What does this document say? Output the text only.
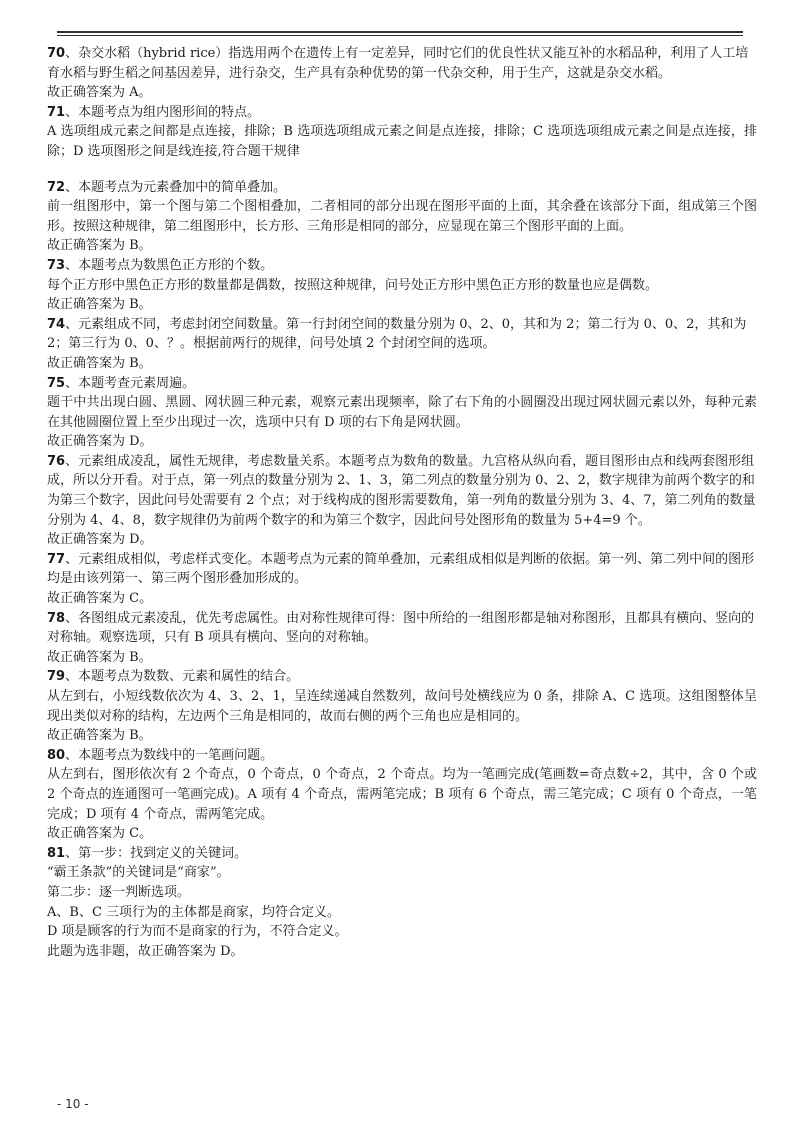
70、杂交水稻（hybrid rice）指选用两个在遗传上有一定差异，同时它们的优良性状又能互补的水稻品种，利用了人工培育水稻与野生稻之间基因差异，进行杂交，生产具有杂种优势的第一代杂交种，用于生产，这就是杂交水稻。

故正确答案为 A。

71、本题考点为组内图形间的特点。

A 选项组成元素之间都是点连接，排除；B 选项选项组成元素之间是点连接，排除；C 选项选项组成元素之间是点连接，排除；D 选项图形之间是线连接,符合题干规律

72、本题考点为元素叠加中的简单叠加。

前一组图形中，第一个图与第二个图相叠加，二者相同的部分出现在图形平面的上面，其余叠在该部分下面，组成第三个图形。按照这种规律，第二组图形中，长方形、三角形是相同的部分，应显现在第三个图形平面的上面。

故正确答案为 B。

73、本题考点为数黑色正方形的个数。

每个正方形中黑色正方形的数量都是偶数，按照这种规律，问号处正方形中黑色正方形的数量也应是偶数。

故正确答案为 B。

74、元素组成不同，考虑封闭空间数量。第一行封闭空间的数量分别为 0、2、0，其和为 2；第二行为 0、0、2，其和为 2；第三行为 0、0、？。根据前两行的规律，问号处填 2 个封闭空间的选项。

故正确答案为 B。

75、本题考查元素周遍。

题干中共出现白圆、黑圆、网状圆三种元素，观察元素出现频率，除了右下角的小圆圈没出现过网状圆元素以外，每种元素在其他圆圈位置上至少出现过一次，选项中只有 D 项的右下角是网状圆。

故正确答案为 D。

76、元素组成凌乱，属性无规律，考虑数量关系。本题考点为数角的数量。九宫格从纵向看，题目图形由点和线两套图形组成，所以分开看。对于点，第一列点的数量分别为 2、1、3，第二列点的数量分别为 0、2、2，数字规律为前两个数字的和为第三个数字，因此问号处需要有 2 个点；对于线构成的图形需要数角，第一列角的数量分别为 3、4、7，第二列角的数量分别为 4、4、8，数字规律仍为前两个数字的和为第三个数字，因此问号处图形角的数量为 5+4=9 个。

故正确答案为 D。

77、元素组成相似，考虑样式变化。本题考点为元素的简单叠加，元素组成相似是判断的依据。第一列、第二列中间的图形均是由该列第一、第三两个图形叠加形成的。

故正确答案为 C。

78、各图组成元素凌乱，优先考虑属性。由对称性规律可得：图中所给的一组图形都是轴对称图形，且都具有横向、竖向的对称轴。观察选项，只有 B 项具有横向、竖向的对称轴。

故正确答案为 B。

79、本题考点为数数、元素和属性的结合。

从左到右，小短线数依次为 4、3、2、1，呈连续递减自然数列，故问号处横线应为 0 条，排除 A、C 选项。这组图整体呈现出类似对称的结构，左边两个三角是相同的，故而右侧的两个三角也应是相同的。

故正确答案为 B。

80、本题考点为数线中的一笔画问题。

从左到右，图形依次有 2 个奇点，0 个奇点，0 个奇点，2 个奇点。均为一笔画完成(笔画数=奇点数÷2，其中，含 0 个或 2 个奇点的连通图可一笔画完成)。A 项有 4 个奇点，需两笔完成；B 项有 6 个奇点，需三笔完成；C 项有 0 个奇点，一笔完成；D 项有 4 个奇点，需两笔完成。

故正确答案为 C。

81、第一步：找到定义的关键词。

“霸王条款”的关键词是“商家”。

第二步：逐一判断选项。

A、B、C 三项行为的主体都是商家，均符合定义。

D 项是顾客的行为而不是商家的行为，不符合定义。

此题为选非题，故正确答案为 D。

- 10 -
